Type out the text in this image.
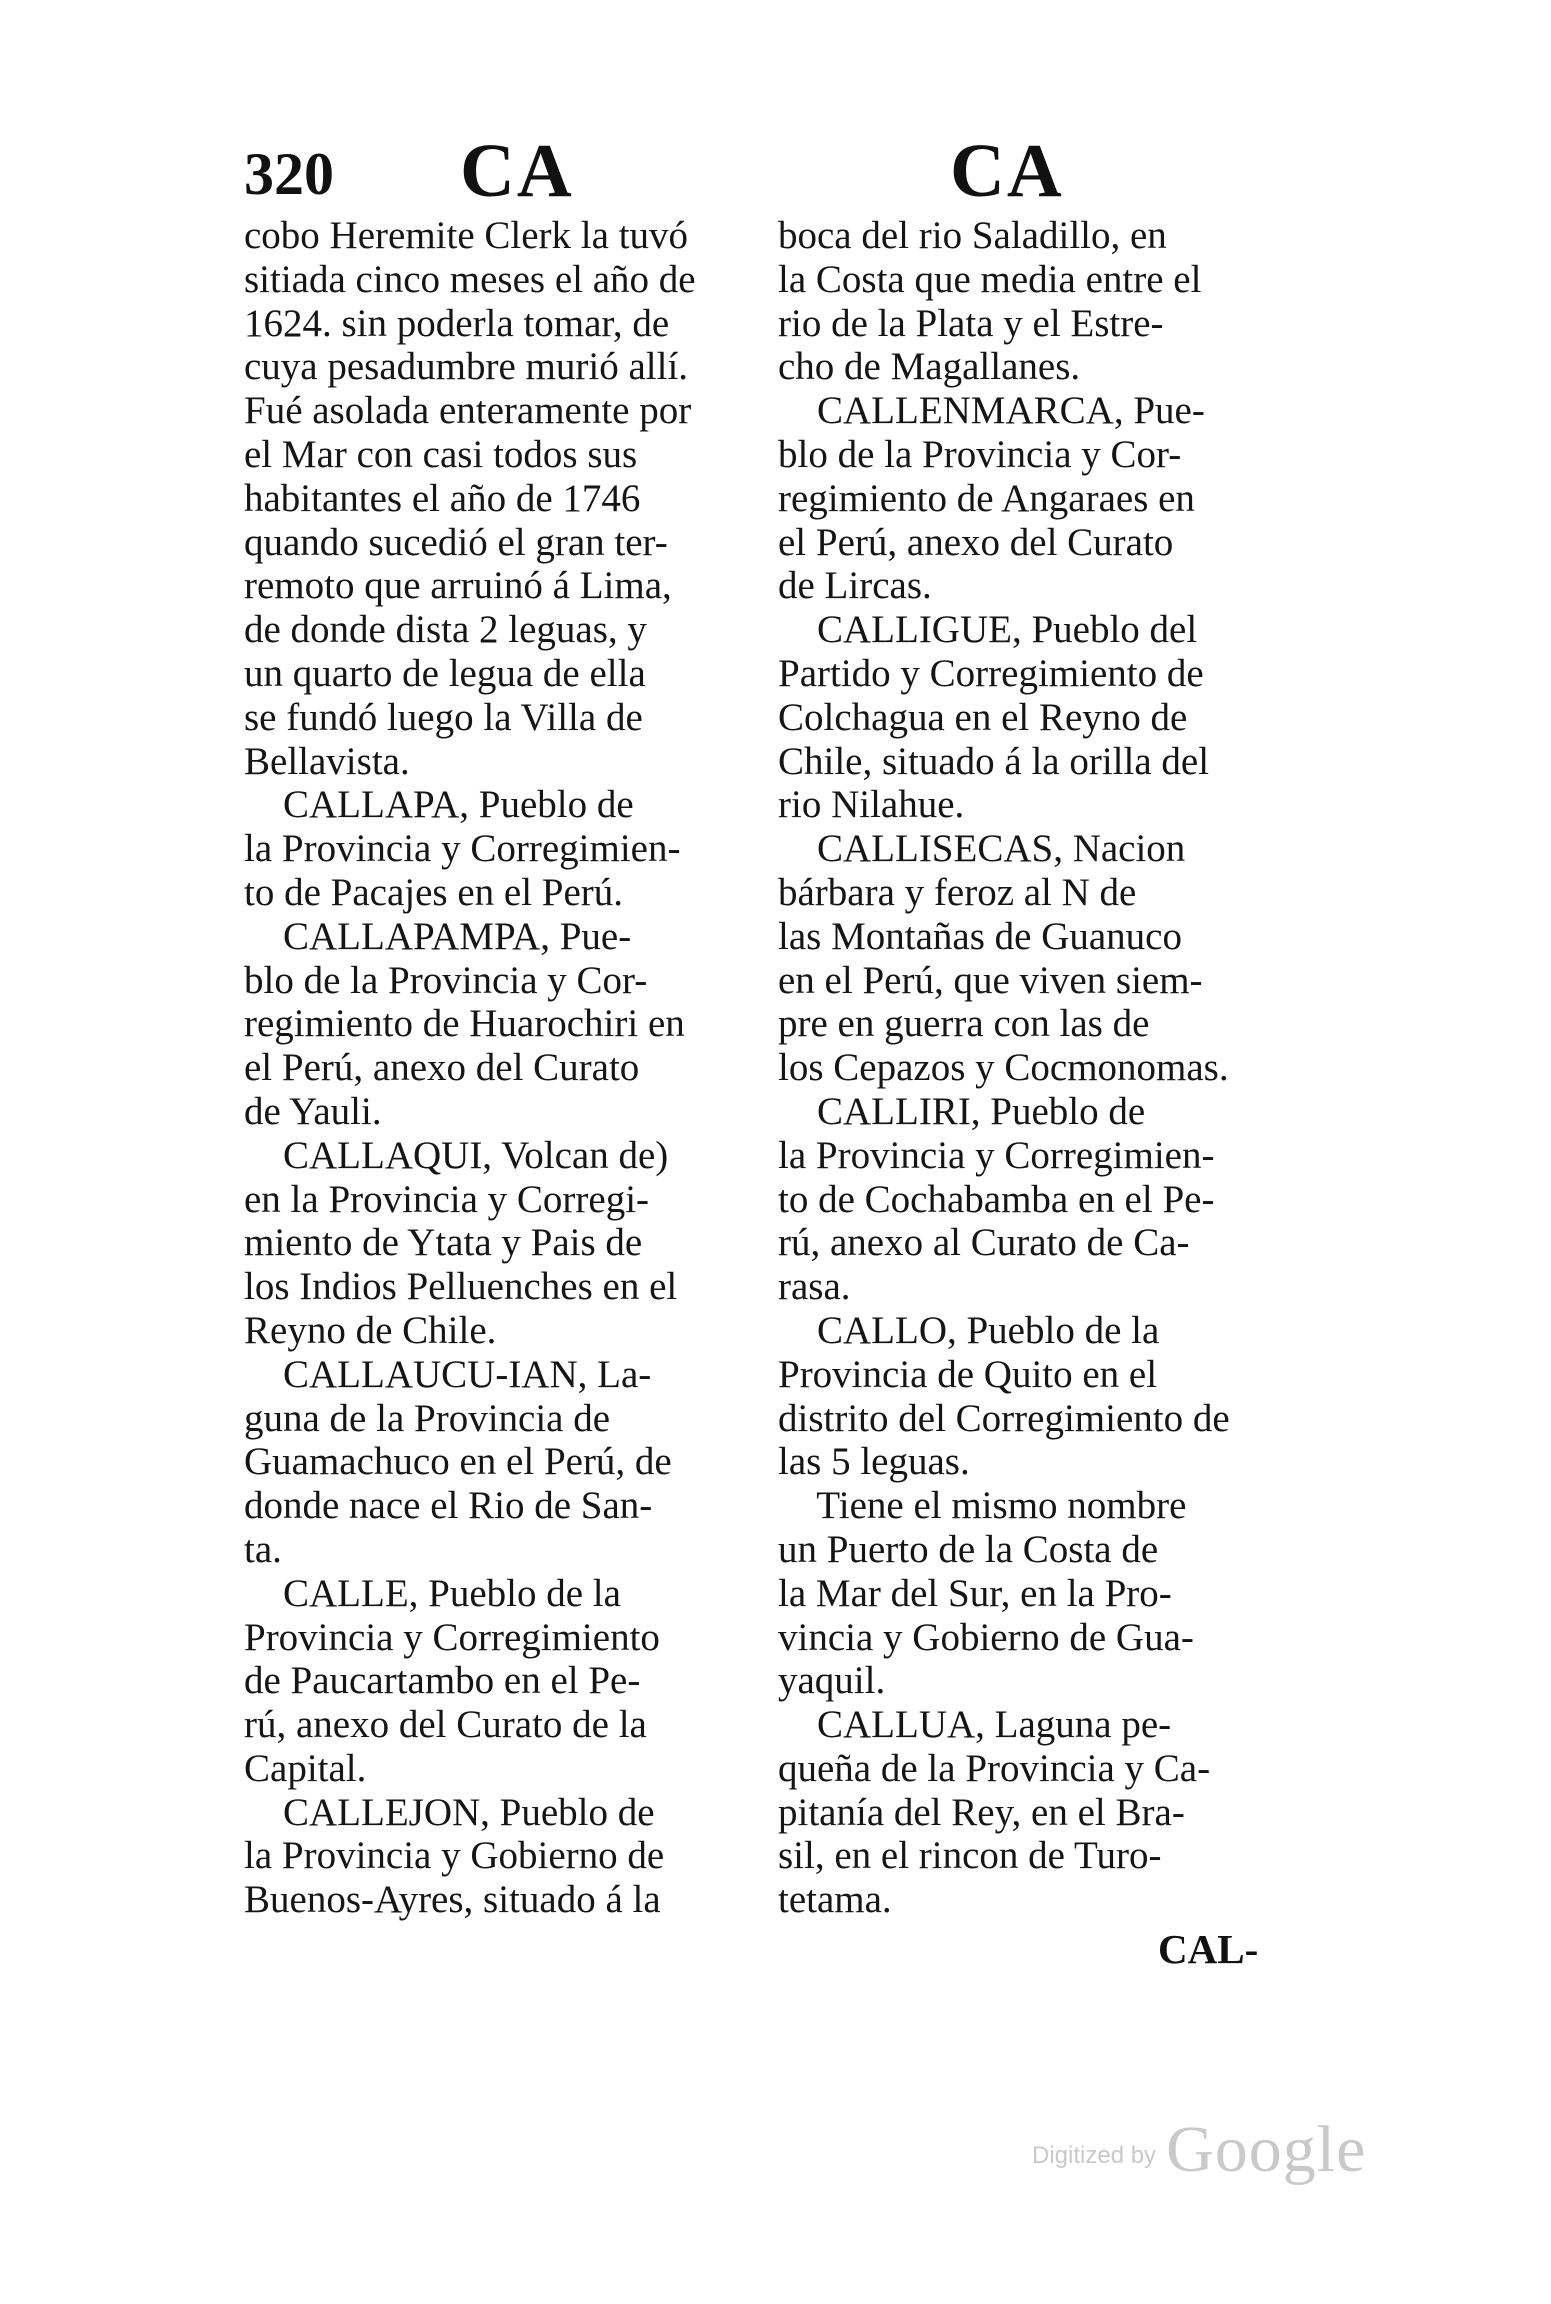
320 CA	CA
cobo Heremite Clerk la tuvó
sitiada cinco meses el año de
1624. sin poderla tomar, de
cuya pesadumbre murió allí.
Fué asolada enteramente por
el Mar con casi todos sus
habitantes el año de 1746
quando sucedió el gran ter-
remoto que arruinó á Lima,
de donde dista 2 leguas, y
un quarto de legua de ella
se fundó luego la Villa de
Bellavista.
CALLAPA, Pueblo de
la Provincia y Corregimien-
to de Pacajes en el Perú.
CALLAPAMPA, Pue-
blo de la Provincia y Cor-
regimiento de Huarochiri en
el Perú, anexo del Curato
de Yauli.
CALLAQUI, Volcan de)
en la Provincia y Corregi-
miento de Ytata y Pais de
los Indios Pelluenches en el
Reyno de Chile.
CALLAUCU-IAN, La-
guna de la Provincia de
Guamachuco en el Perú, de
donde nace el Rio de San-
ta.
CALLE, Pueblo de la
Provincia y Corregimiento
de Paucartambo en el Pe-
rú, anexo del Curato de la
Capital.
CALLEJON, Pueblo de
la Provincia y Gobierno de
Buenos-Ayres, situado á la
boca del rio Saladillo, en
la Costa que media entre el
rio de la Plata y el Estre-
cho de Magallanes.
CALLENMARCA, Pue-
blo de la Provincia y Cor-
regimiento de Angaraes en
el Perú, anexo del Curato
de Lircas.
CALLIGUE, Pueblo del
Partido y Corregimiento de
Colchagua en el Reyno de
Chile, situado á la orilla del
rio Nilahue.
CALLISECAS, Nacion
bárbara y feroz al N de
las Montañas de Guanuco
en el Perú, que viven siem-
pre en guerra con las de
los Cepazos y Cocmonomas.
CALLIRI, Pueblo de
la Provincia y Corregimien-
to de Cochabamba en el Pe-
rú, anexo al Curato de Ca-
rasa.
CALLO, Pueblo de la
Provincia de Quito en el
distrito del Corregimiento de
las 5 leguas.
Tiene el mismo nombre
un Puerto de la Costa de
la Mar del Sur, en la Pro-
vincia y Gobierno de Gua-
yaquil.
CALLUA, Laguna pe-
queña de la Provincia y Ca-
pitanía del Rey, en el Bra-
sil, en el rincon de Turo-
tetama.
CAL-
Digitized by Google
